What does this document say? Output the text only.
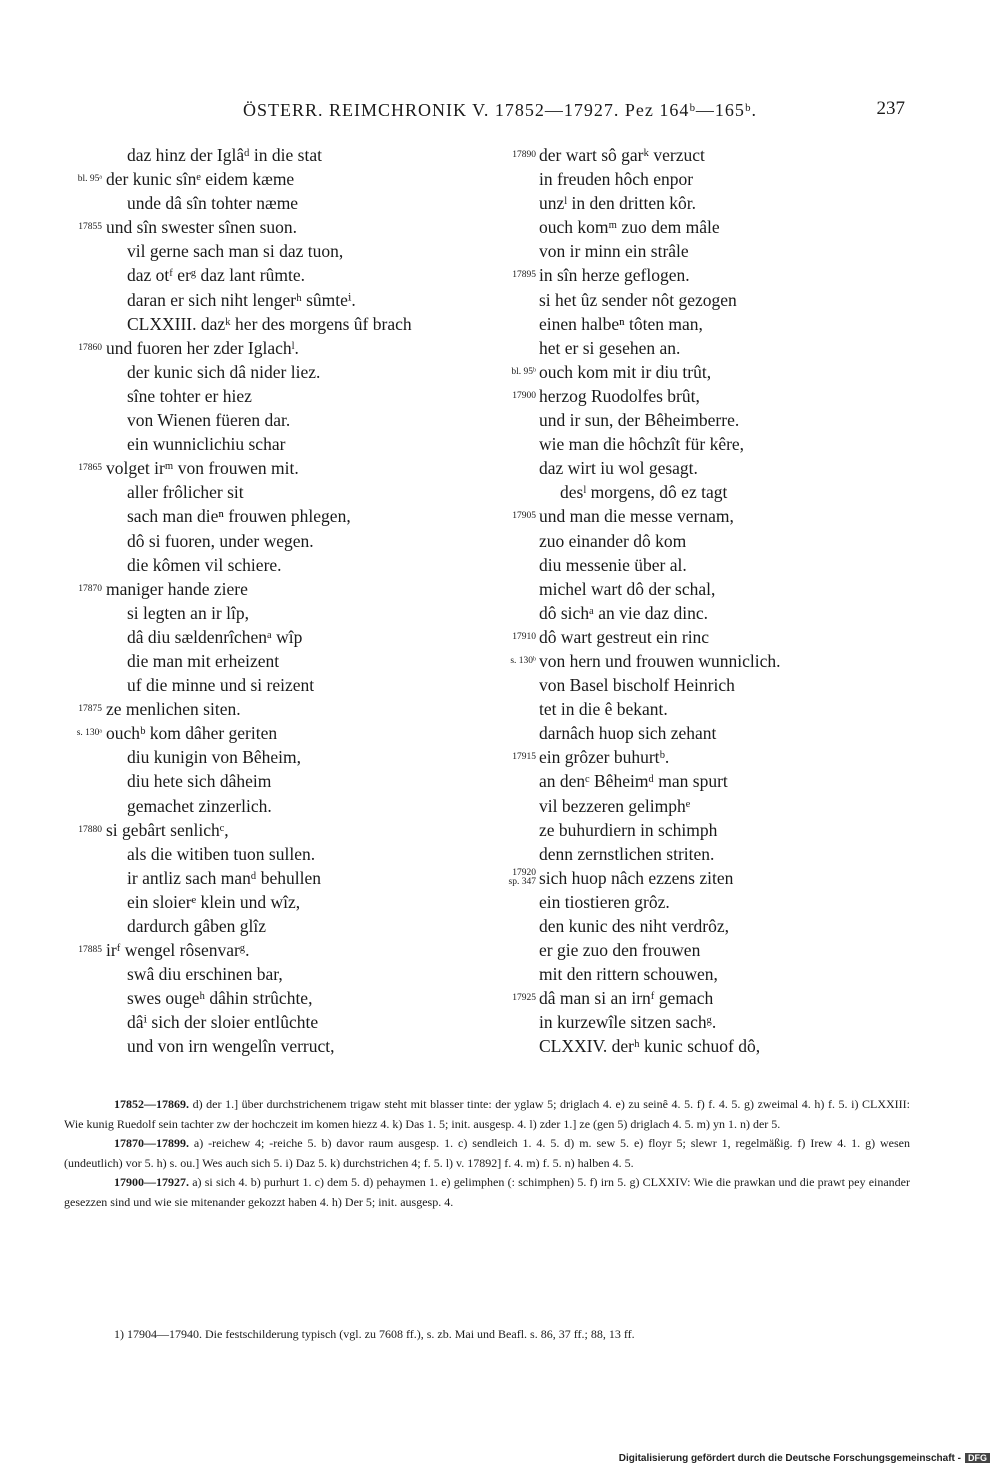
ÖSTERR. REIMCHRONIK V. 17852—17927. Pez 164ᵇ—165ᵇ.	237
daz hinz der Iglâᵈ in die stat
bl. 95ᵃ der kunic sînᵉ eidem kæme
unde dâ sîn tohter næme
17855 und sîn swester sînen suon.
vil gerne sach man si daz tuon,
daz otᶠ erᵍ daz lant rûmte.
daran er sich niht lengerʰ sûmteⁱ.
CLXXIII. dazᵏ her des morgens ûf brach
17860 und fuoren her zder Iglachˡ.
der kunic sich dâ nider liez.
sîne tohter er hiez
von Wienen füeren dar.
ein wunniclichiu schar
17865 volget irᵐ von frouwen mit.
aller frôlicher sit
sach man dieⁿ frouwen phlegen,
dô si fuoren, under wegen.
die kômen vil schiere.
17870 maniger hande ziere
si legten an ir lîp,
dâ diu sældenrîchenᵃ wîp
die man mit erheizent
uf die minne und si reizent
17875 ze menlichen siten.
s. 130ᵃ ouchᵇ kom dâher geriten
diu kunigin von Bêheim,
diu hete sich dâheim
gemachet zinzerlich.
17880 si gebârt senlichᶜ,
als die witiben tuon sullen.
ir antliz sach manᵈ behullen
ein sloierᵉ klein und wîz,
dardurch gâben glîz
17885 irᶠ wengel rôsenvarᵍ.
swâ diu erschinen bar,
swes ougeʰ dâhin strûchte,
dâⁱ sich der sloier entlûchte
und von irn wengelîn verruct,
17890 der wart sô garᵏ verzuct
in freuden hôch enpor
unzˡ in den dritten kôr.
ouch komᵐ zuo dem mâle
von ir minn ein strâle
17895 in sîn herze geflogen.
si het ûz sender nôt gezogen
einen halbeⁿ tôten man,
het er si gesehen an.
bl. 95ᵇ ouch kom mit ir diu trût,
17900 herzog Ruodolfes brût,
und ir sun, der Bêheimberre.
wie man die hôchzît für kêre,
daz wirt iu wol gesagt.
desˡ morgens, dô ez tagt
17905 und man die messe vernam,
zuo einander dô kom
diu messenie über al.
michel wart dô der schal,
dô sichᵃ an vie daz dinc.
17910 dô wart gestreut ein rinc
s. 130ᵇ von hern und frouwen wunniclich.
von Basel bischolf Heinrich
tet in die ê bekant.
darnâch huop sich zehant
17915 ein grôzer buhurtᵇ.
an denᶜ Bêheimᵈ man spurt
vil bezzeren gelimphᵉ
ze buhurdiern in schimph
denn zernstlichen striten.
17920
sp. 347 sich huop nâch ezzens ziten
ein tiostieren grôz.
den kunic des niht verdrôz,
er gie zuo den frouwen
mit den rittern schouwen,
17925 dâ man si an irnᶠ gemach
in kurzewîle sitzen sachᵍ.
CLXXIV. derʰ kunic schuof dô,

17852—17869. d) der 1.] über durchstrichenem trigaw steht mit blasser tinte: der yglaw 5; driglach 4. e) zu seinê 4. 5. f) f. 4. 5. g) zweimal 4. h) f. 5. i) CLXXIII: Wie kunig Ruedolf sein tachter zw der hochczeit im komen hiezz 4. k) Das 1. 5; init. ausgesp. 4. l) zder 1.] ze (gen 5) driglach 4. 5. m) yn 1. n) der 5.

17870—17899. a) -reichew 4; -reiche 5. b) davor raum ausgesp. 1. c) sendleich 1. 4. 5. d) m. sew 5. e) floyr 5; slewr 1, regelmäßig. f) Irew 4. 1. g) wesen (undeutlich) vor 5. h) s. ou.] Wes auch sich 5. i) Daz 5. k) durchstrichen 4; f. 5. l) v. 17892] f. 4. m) f. 5. n) halben 4. 5.

17900—17927. a) si sich 4. b) purhurt 1. c) dem 5. d) pehaymen 1. e) gelimphen (: schimphen) 5. f) irn 5. g) CLXXIV: Wie die prawkan und die prawt pey einander gesezzen sind und wie sie mitenander gekozzt haben 4. h) Der 5; init. ausgesp. 4.

1) 17904—17940. Die festschilderung typisch (vgl. zu 7608 ff.), s. zb. Mai und Beafl. s. 86, 37 ff.; 88, 13 ff.
Digitalisierung gefördert durch die Deutsche Forschungsgemeinschaft - DFG
